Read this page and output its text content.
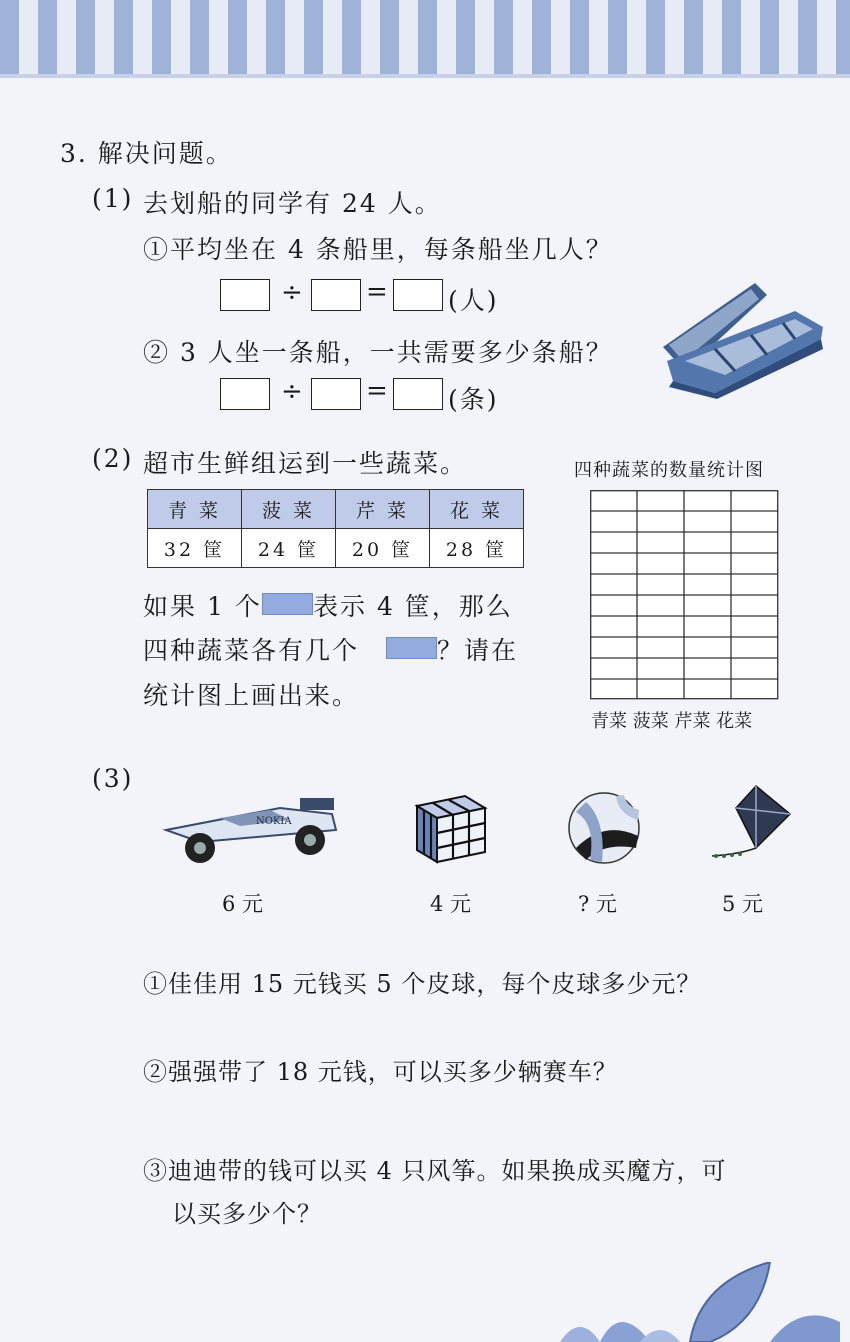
3. 解决问题。
(1) 去划船的同学有 24 人。
①平均坐在 4 条船里，每条船坐几人？
÷ = (人)
② 3 人坐一条船，一共需要多少条船？
÷ = (条)
(2) 超市生鲜组运到一些蔬菜。
青 菜	菠 菜	芹 菜	花 菜
32 筐	24 筐	20 筐	28 筐
如果 1 个 表示 4 筐，那么
四种蔬菜各有几个	？请在
统计图上画出来。
四种蔬菜的数量统计图
青菜 菠菜 芹菜 花菜
(3)
NOKIA
6 元	4 元	? 元	5 元
①佳佳用 15 元钱买 5 个皮球，每个皮球多少元？
②强强带了 18 元钱，可以买多少辆赛车？
③迪迪带的钱可以买 4 只风筝。如果换成买魔方，可
以买多少个？
